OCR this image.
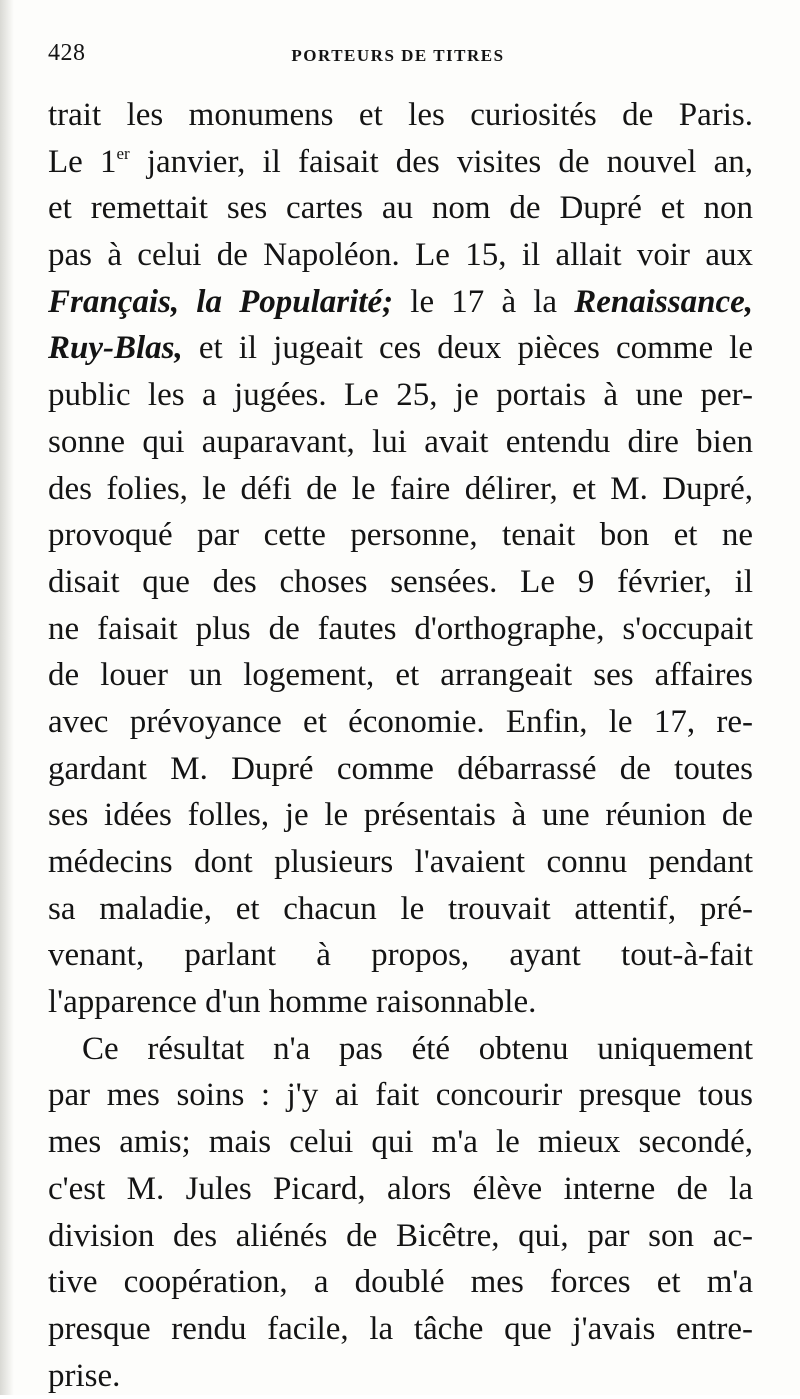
428	PORTEURS DE TITRES
trait les monumens et les curiosités de Paris.
Le 1er janvier, il faisait des visites de nouvel an,
et remettait ses cartes au nom de Dupré et non
pas à celui de Napoléon. Le 15, il allait voir aux
Français, la Popularité; le 17 à la Renaissance,
Ruy-Blas, et il jugeait ces deux pièces comme le
public les a jugées. Le 25, je portais à une per-
sonne qui auparavant, lui avait entendu dire bien
des folies, le défi de le faire délirer, et M. Dupré,
provoqué par cette personne, tenait bon et ne
disait que des choses sensées. Le 9 février, il
ne faisait plus de fautes d'orthographe, s'occupait
de louer un logement, et arrangeait ses affaires
avec prévoyance et économie. Enfin, le 17, re-
gardant M. Dupré comme débarrassé de toutes
ses idées folles, je le présentais à une réunion de
médecins dont plusieurs l'avaient connu pendant
sa maladie, et chacun le trouvait attentif, pré-
venant, parlant à propos, ayant tout-à-fait
l'apparence d'un homme raisonnable.
Ce résultat n'a pas été obtenu uniquement
par mes soins : j'y ai fait concourir presque tous
mes amis; mais celui qui m'a le mieux secondé,
c'est M. Jules Picard, alors élève interne de la
division des aliénés de Bicêtre, qui, par son ac-
tive coopération, a doublé mes forces et m'a
presque rendu facile, la tâche que j'avais entre-
prise.
